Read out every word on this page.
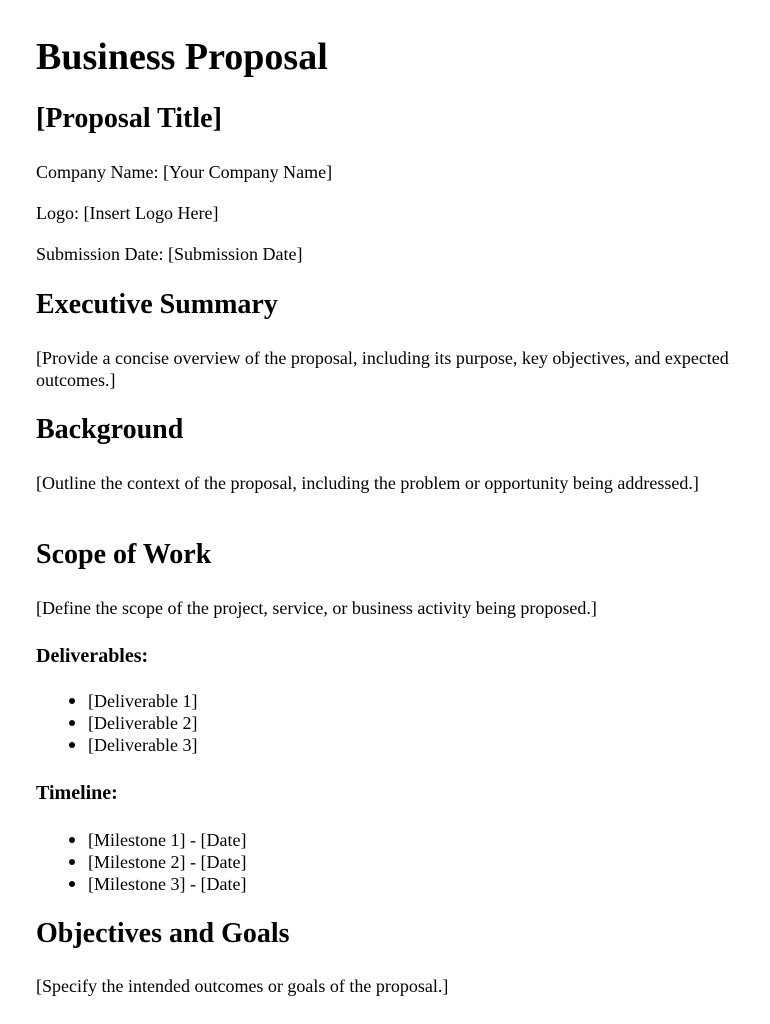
Business Proposal
[Proposal Title]

Company Name: [Your Company Name]

Logo: [Insert Logo Here]

Submission Date: [Submission Date]

Executive Summary

[Provide a concise overview of the proposal, including its purpose, key objectives, and expected outcomes.]

Background

[Outline the context of the proposal, including the problem or opportunity being addressed.]

Scope of Work

[Define the scope of the project, service, or business activity being proposed.]

Deliverables:
[Deliverable 1]
[Deliverable 2]
[Deliverable 3]
Timeline:
[Milestone 1] - [Date]
[Milestone 2] - [Date]
[Milestone 3] - [Date]
Objectives and Goals

[Specify the intended outcomes or goals of the proposal.]
